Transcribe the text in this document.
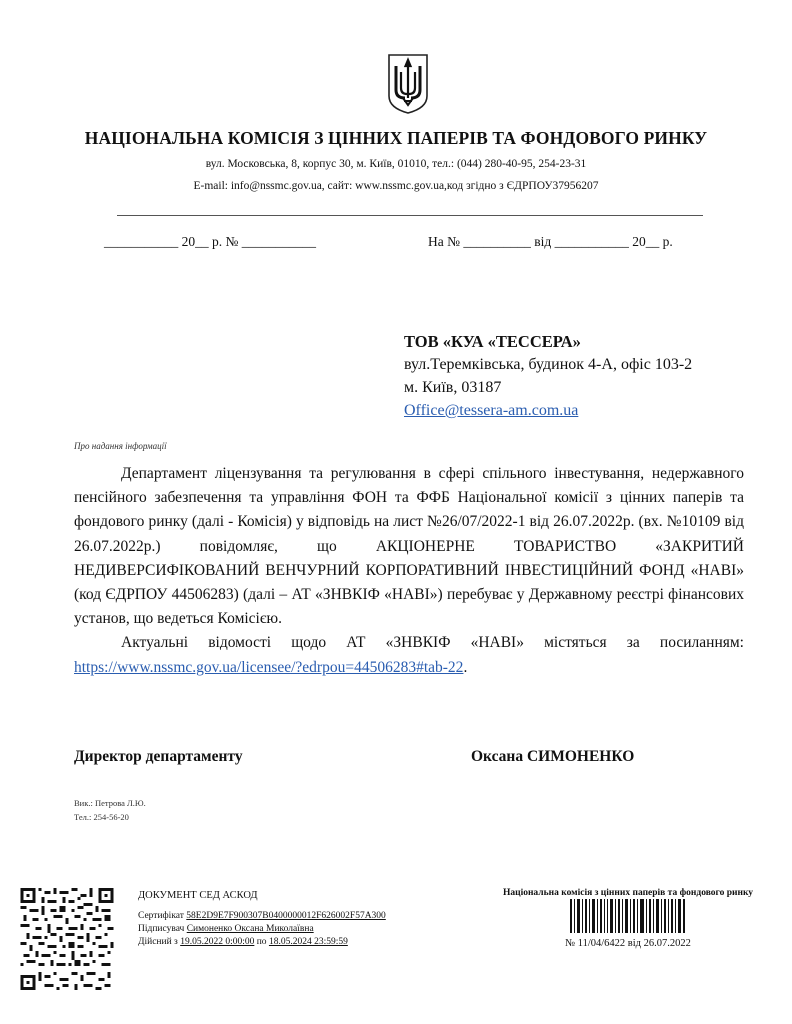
НАЦІОНАЛЬНА КОМІСІЯ З ЦІННИХ ПАПЕРІВ ТА ФОНДОВОГО РИНКУ
вул. Московська, 8, корпус 30, м. Київ, 01010, тел.: (044) 280-40-95, 254-23-31
E-mail: info@nssmc.gov.ua, сайт: www.nssmc.gov.ua,код згідно з ЄДРПОУ37956207
___________ 20__ р. № ___________	На № __________ від ___________ 20__ р.
ТОВ «КУА «ТЕССЕРА»
вул.Теремківська, будинок 4-А, офіс 103-2
м. Київ, 03187
Office@tessera-am.com.ua
Про надання інформації

Департамент ліцензування та регулювання в сфері спільного інвестування, недержавного пенсійного забезпечення та управління ФОН та ФФБ Національної комісії з цінних паперів та фондового ринку (далі - Комісія) у відповідь на лист №26/07/2022-1 від 26.07.2022р. (вх. №10109 від 26.07.2022р.) повідомляє, що АКЦІОНЕРНЕ ТОВАРИСТВО «ЗАКРИТИЙ НЕДИВЕРСИФІКОВАНИЙ ВЕНЧУРНИЙ КОРПОРАТИВНИЙ ІНВЕСТИЦІЙНИЙ ФОНД «НАВІ» (код ЄДРПОУ 44506283) (далі – АТ «ЗНВКІФ «НАВІ») перебуває у Державному реєстрі фінансових установ, що ведеться Комісією.

Актуальні відомості щодо АТ «ЗНВКІФ «НАВІ» містяться за посиланням: https://www.nssmc.gov.ua/licensee/?edrpou=44506283#tab-22.

Директор департаменту	Оксана СИМОНЕНКО
Вик.: Петрова Л.Ю.
Тел.: 254-56-20
ДОКУМЕНТ СЕД АСКОД
Сертифікат 58E2D9E7F900307B0400000012F626002F57A300
Підписувач Симоненко Оксана Миколаївна
Дійсний з 19.05.2022 0:00:00 по 18.05.2024 23:59:59
Національна комісія з цінних паперів та фондового ринку
№ 11/04/6422 від 26.07.2022
